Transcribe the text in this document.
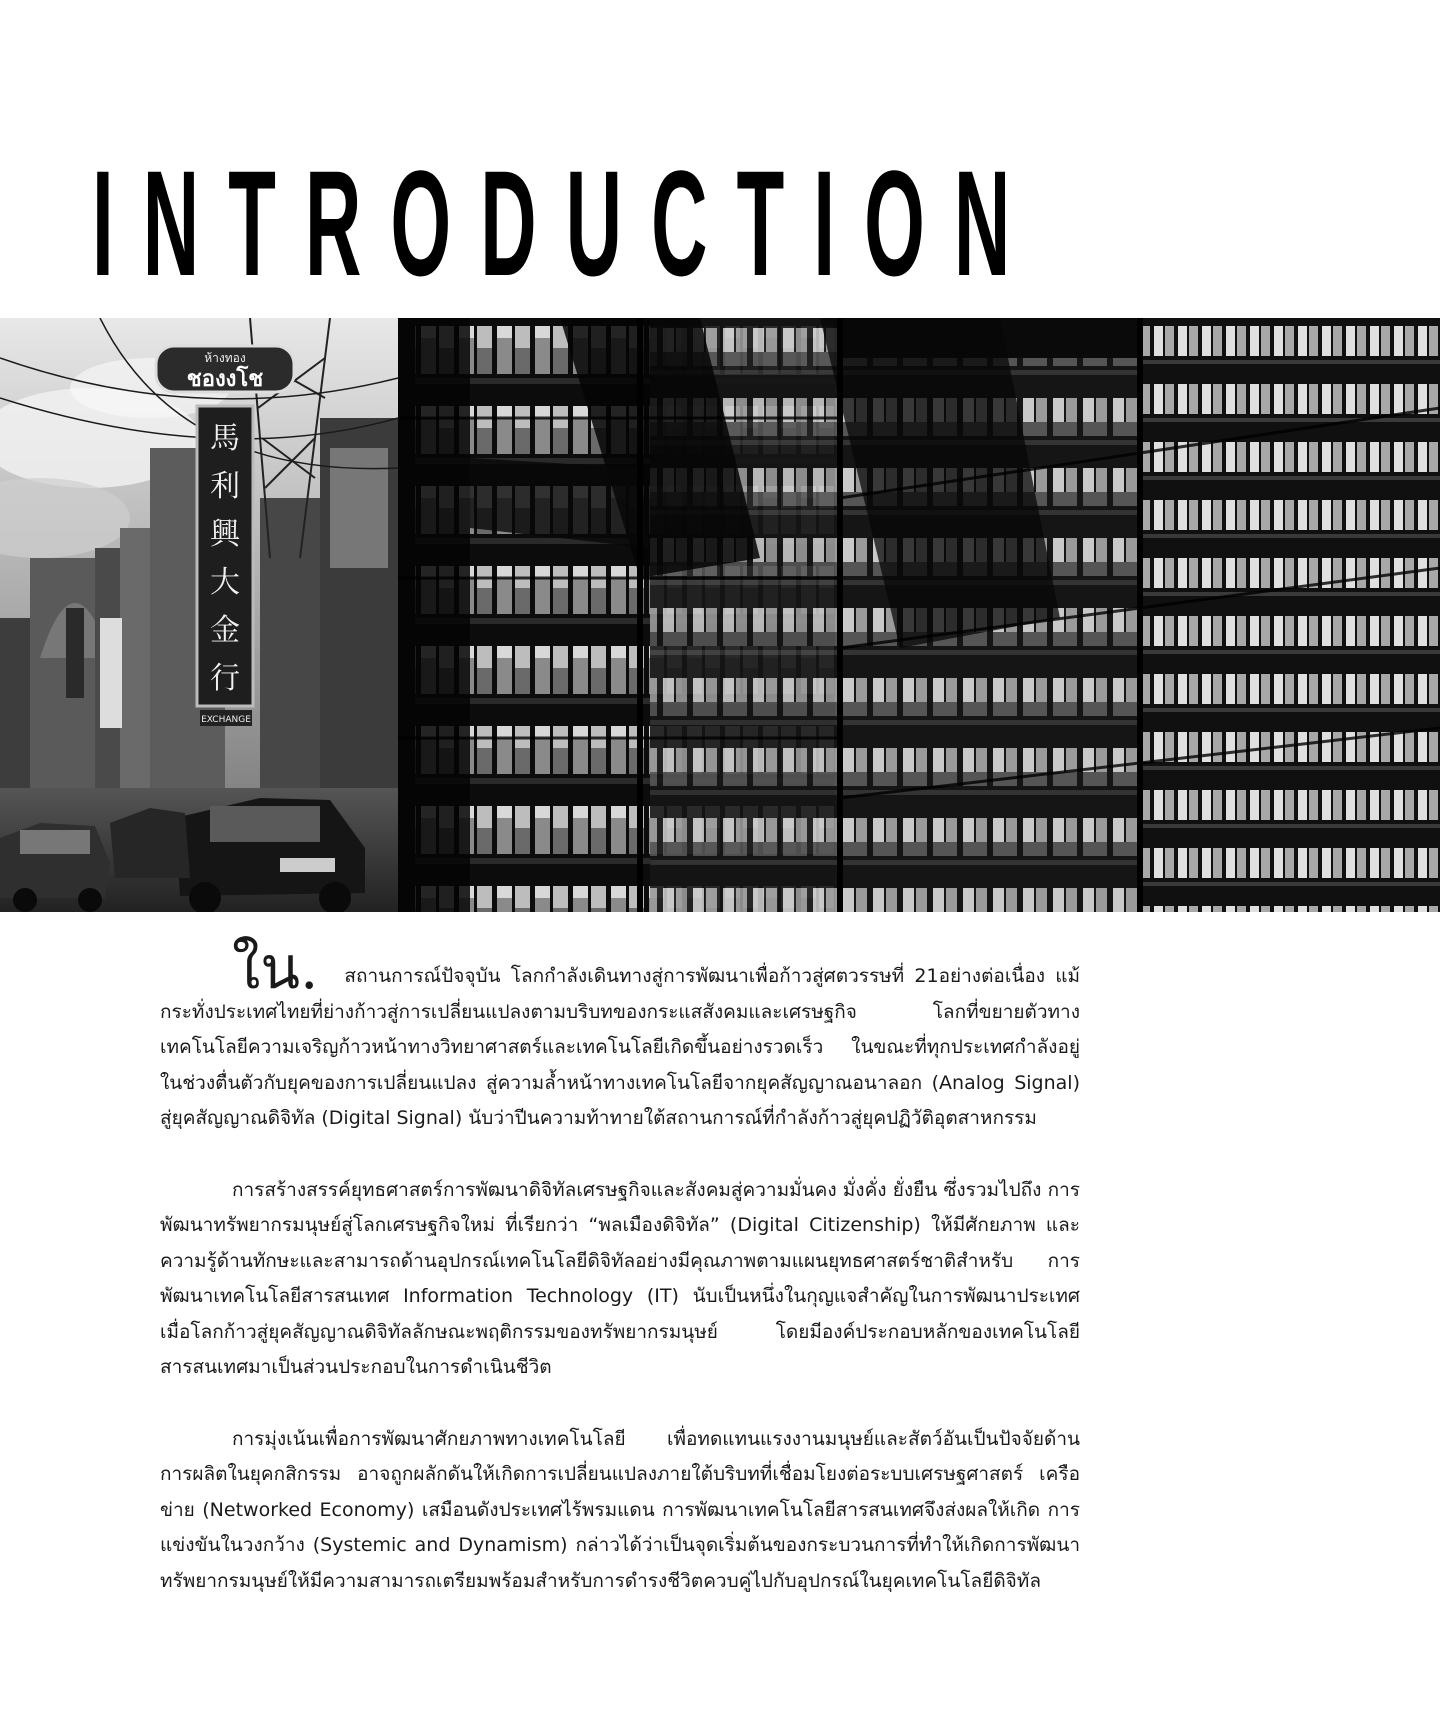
INTRODUCTION
ห้างทอง
ชองงโช
馬
利
興
大
金
行
EXCHANGE

ใน. สถานการณ์ปัจจุบัน โลกกำลังเดินทางสู่การพัฒนาเพื่อก้าวสู่ศตวรรษที่ 21อย่างต่อเนื่อง แม้กระทั่งประเทศไทยที่ย่างก้าวสู่การเปลี่ยนแปลงตามบริบทของกระแสสังคมและเศรษฐกิจ โลกที่ขยายตัวทาง เทคโนโลยีความเจริญก้าวหน้าทางวิทยาศาสตร์และเทคโนโลยีเกิดขึ้นอย่างรวดเร็ว ในขณะที่ทุกประเทศกำลังอยู่ ในช่วงตื่นตัวกับยุคของการเปลี่ยนแปลง สู่ความล้ำหน้าทางเทคโนโลยีจากยุคสัญญาณอนาลอก (Analog Signal) สู่ยุคสัญญาณดิจิทัล (Digital Signal) นับว่าปีนความท้าทายใต้สถานการณ์ที่กำลังก้าวสู่ยุคปฏิวัติอุตสาหกรรม

การสร้างสรรค์ยุทธศาสตร์การพัฒนาดิจิทัลเศรษฐกิจและสังคมสู่ความมั่นคง มั่งคั่ง ยั่งยืน ซึ่งรวมไปถึง การพัฒนาทรัพยากรมนุษย์สู่โลกเศรษฐกิจใหม่ ที่เรียกว่า “พลเมืองดิจิทัล” (Digital Citizenship) ให้มีศักยภาพ และความรู้ด้านทักษะและสามารถด้านอุปกรณ์เทคโนโลยีดิจิทัลอย่างมีคุณภาพตามแผนยุทธศาสตร์ชาติสำหรับ การพัฒนาเทคโนโลยีสารสนเทศ Information Technology (IT) นับเป็นหนึ่งในกุญแจสำคัญในการพัฒนาประเทศ เมื่อโลกก้าวสู่ยุคสัญญาณดิจิทัลลักษณะพฤติกรรมของทรัพยากรมนุษย์ โดยมีองค์ประกอบหลักของเทคโนโลยี สารสนเทศมาเป็นส่วนประกอบในการดำเนินชีวิต

การมุ่งเน้นเพื่อการพัฒนาศักยภาพทางเทคโนโลยี เพื่อทดแทนแรงงานมนุษย์และสัตว์อันเป็นปัจจัยด้าน การผลิตในยุคกสิกรรม อาจถูกผลักดันให้เกิดการเปลี่ยนแปลงภายใต้บริบทที่เชื่อมโยงต่อระบบเศรษฐศาสตร์ เครือข่าย (Networked Economy) เสมือนดังประเทศไร้พรมแดน การพัฒนาเทคโนโลยีสารสนเทศจึงส่งผลให้เกิด การแข่งขันในวงกว้าง (Systemic and Dynamism) กล่าวได้ว่าเป็นจุดเริ่มต้นของกระบวนการที่ทำให้เกิดการพัฒนา ทรัพยากรมนุษย์ให้มีความสามารถเตรียมพร้อมสำหรับการดำรงชีวิตควบคู่ไปกับอุปกรณ์ในยุคเทคโนโลยีดิจิทัล
